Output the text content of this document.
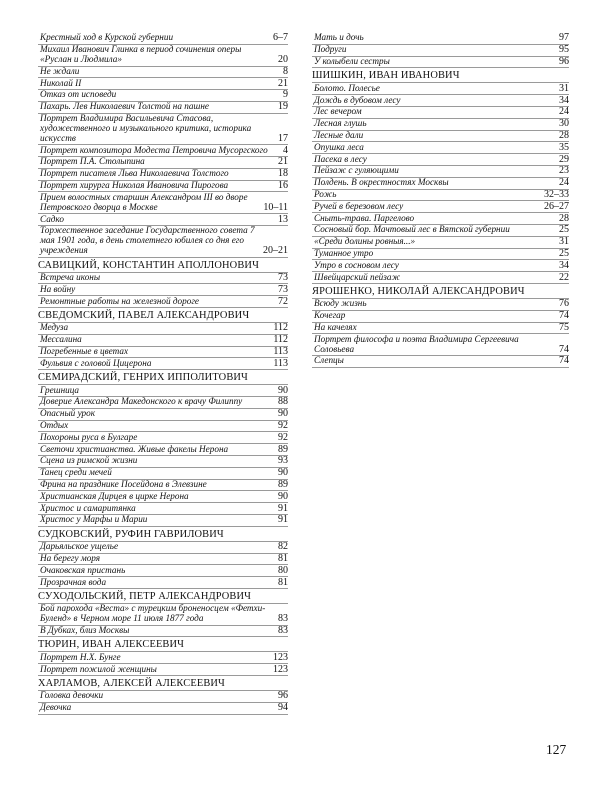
Крестный ход в Курской губернии	6–7
Михаил Иванович Глинка в период сочинения оперы «Руслан и Людмила»	20
Не ждали	8
Николай II	21
Отказ от исповеди	9
Пахарь. Лев Николаевич Толстой на пашне	19
Портрет Владимира Васильевича Стасова, художественного и музыкального критика, историка искусств	17
Портрет композитора Модеста Петровича Мусоргского	4
Портрет П.А. Столыпина	21
Портрет писателя Льва Николаевича Толстого	18
Портрет хирурга Николая Ивановича Пирогова	16
Прием волостных старшин Александром III во дворе Петровского дворца в Москве	10–11
Садко	13
Торжественное заседание Государственного совета 7 мая 1901 года, в день столетнего юбилея со дня его учреждения	20–21
САВИЦКИЙ, КОНСТАНТИН АПОЛЛОНОВИЧ
Встреча иконы	73
На войну	73
Ремонтные работы на железной дороге	72
СВЕДОМСКИЙ, ПАВЕЛ АЛЕКСАНДРОВИЧ
Медуза	112
Мессалина	112
Погребенные в цветах	113
Фульвия с головой Цицерона	113
СЕМИРАДСКИЙ, ГЕНРИХ ИППОЛИТОВИЧ
Грешница	90
Доверие Александра Македонского к врачу Филиппу	88
Опасный урок	90
Отдых	92
Похороны руса в Булгаре	92
Светочи христианства. Живые факелы Нерона	89
Сцена из римской жизни	93
Танец среди мечей	90
Фрина на празднике Посейдона в Элевзине	89
Христианская Дирцея в цирке Нерона	90
Христос и самаритянка	91
Христос у Марфы и Марии	91
СУДКОВСКИЙ, РУФИН ГАВРИЛОВИЧ
Дарьяльское ущелье	82
На берегу моря	81
Очаковская пристань	80
Прозрачная вода	81
СУХОДОЛЬСКИЙ, ПЕТР АЛЕКСАНДРОВИЧ
Бой парохода «Веста» с турецким броненосцем «Фетхи-Буленд» в Черном море 11 июля 1877 года	83
В Дубках, близ Москвы	83
ТЮРИН, ИВАН АЛЕКСЕЕВИЧ
Портрет Н.Х. Бунге	123
Портрет пожилой женщины	123
ХАРЛАМОВ, АЛЕКСЕЙ АЛЕКСЕЕВИЧ
Головка девочки	96
Девочка	94
Мать и дочь	97
Подруги	95
У колыбели сестры	96
ШИШКИН, ИВАН ИВАНОВИЧ
Болото. Полесье	31
Дождь в дубовом лесу	34
Лес вечером	24
Лесная глушь	30
Лесные дали	28
Опушка леса	35
Пасека в лесу	29
Пейзаж с гуляющими	23
Полдень. В окрестностях Москвы	24
Рожь	32–33
Ручей в березовом лесу	26–27
Сныть-трава. Паргелово	28
Сосновый бор. Мачтовый лес в Вятской губернии	25
«Среди долины ровныя...»	31
Туманное утро	25
Утро в сосновом лесу	34
Швейцарский пейзаж	22
ЯРОШЕНКО, НИКОЛАЙ АЛЕКСАНДРОВИЧ
Всюду жизнь	76
Кочегар	74
На качелях	75
Портрет философа и поэта Владимира Сергеевича Соловьева	74
Слепцы	74
127
